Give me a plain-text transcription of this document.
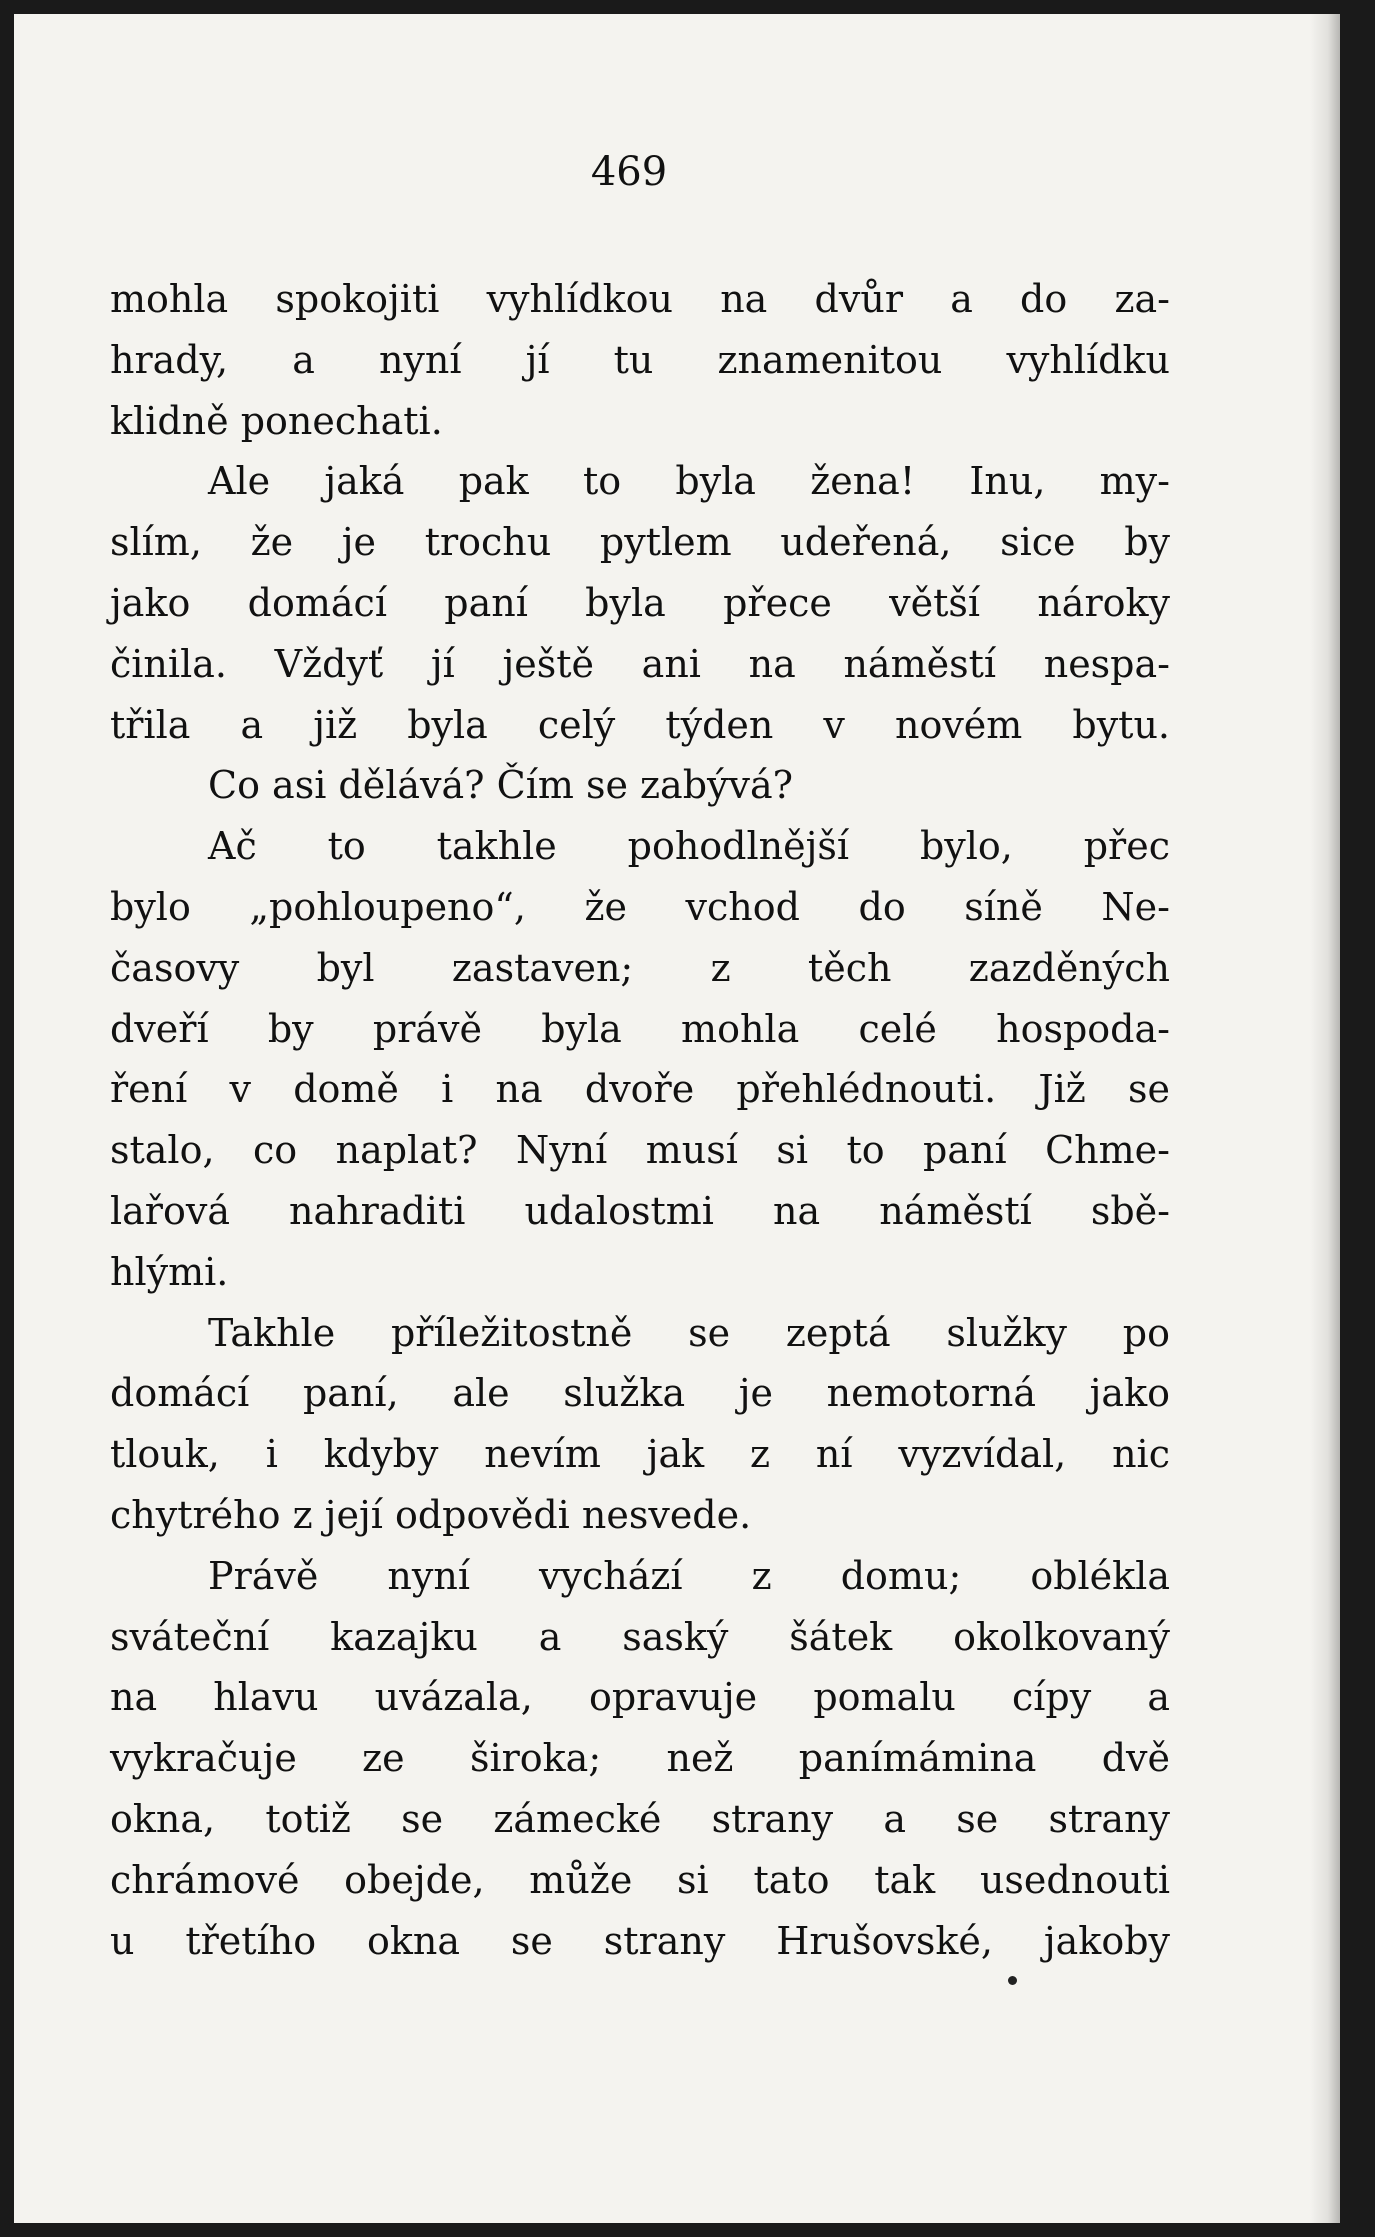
469
mohla spokojiti vyhlídkou na dvůr a do za-
hrady, a nyní jí tu znamenitou vyhlídku
klidně ponechati.
Ale jaká pak to byla žena! Inu, my-
slím, že je trochu pytlem udeřená, sice by
jako domácí paní byla přece větší nároky
činila. Vždyť jí ještě ani na náměstí nespa-
třila a již byla celý týden v novém bytu.
Co asi dělává? Čím se zabývá?
Ač to takhle pohodlnější bylo, přec
bylo „pohloupeno“, že vchod do síně Ne-
časovy byl zastaven; z těch zazděných
dveří by právě byla mohla celé hospoda-
ření v domě i na dvoře přehlédnouti. Již se
stalo, co naplat? Nyní musí si to paní Chme-
lařová nahraditi udalostmi na náměstí sbě-
hlými.
Takhle příležitostně se zeptá služky po
domácí paní, ale služka je nemotorná jako
tlouk, i kdyby nevím jak z ní vyzvídal, nic
chytrého z její odpovědi nesvede.
Právě nyní vychází z domu; oblékla
sváteční kazajku a saský šátek okolkovaný
na hlavu uvázala, opravuje pomalu cípy a
vykračuje ze široka; než panímámina dvě
okna, totiž se zámecké strany a se strany
chrámové obejde, může si tato tak usednouti
u třetího okna se strany Hrušovské, jakoby
